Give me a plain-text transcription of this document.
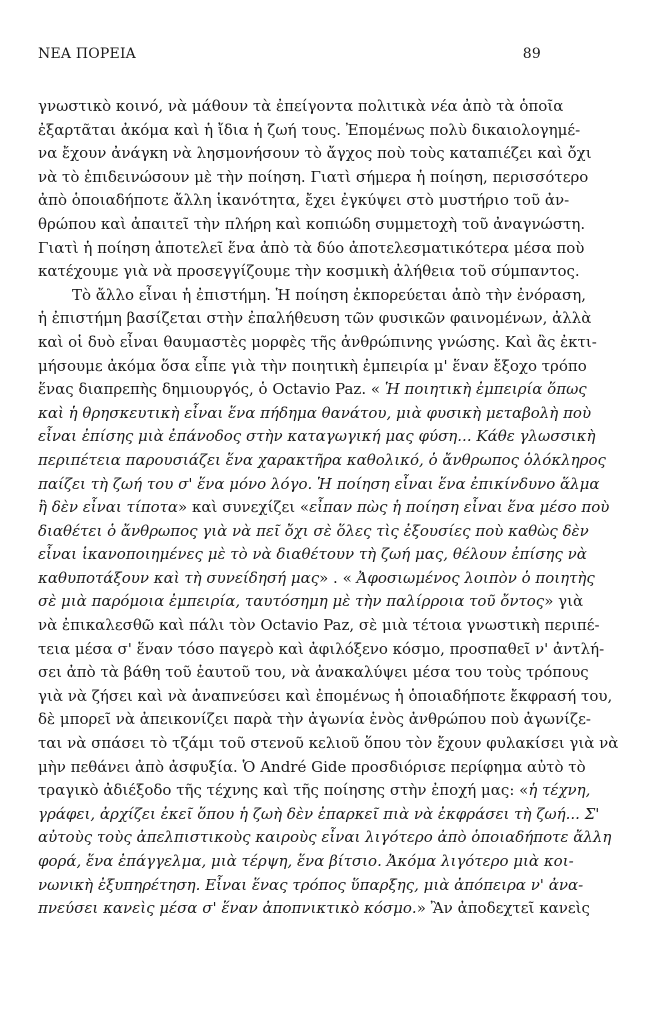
ΝΕΑ ΠΟΡΕΙΑ	89
γνωστικὸ κοινό, νὰ μάθουν τὰ ἐπείγοντα πολιτικὰ νέα ἀπὸ τὰ ὁποῖα
ἐξαρτᾶται ἀκόμα καὶ ἡ ἴδια ἡ ζωή τους. Ἐπομένως πολὺ δικαιολογημέ-
να ἔχουν ἀνάγκη νὰ λησμονήσουν τὸ ἄγχος ποὺ τοὺς καταπιέζει καὶ ὄχι
νὰ τὸ ἐπιδεινώσουν μὲ τὴν ποίηση. Γιατὶ σήμερα ἡ ποίηση, περισσότερο
ἀπὸ ὁποιαδήποτε ἄλλη ἱκανότητα, ἔχει ἐγκύψει στὸ μυστήριο τοῦ ἀν-
θρώπου καὶ ἀπαιτεῖ τὴν πλήρη καὶ κοπιώδη συμμετοχὴ τοῦ ἀναγνώστη.
Γιατὶ ἡ ποίηση ἀποτελεῖ ἕνα ἀπὸ τὰ δύο ἀποτελεσματικότερα μέσα ποὺ
κατέχουμε γιὰ νὰ προσεγγίζουμε τὴν κοσμικὴ ἀλήθεια τοῦ σύμπαντος.
Τὸ ἄλλο εἶναι ἡ ἐπιστήμη. Ἡ ποίηση ἐκπορεύεται ἀπὸ τὴν ἐνόραση,
ἡ ἐπιστήμη βασίζεται στὴν ἐπαλήθευση τῶν φυσικῶν φαινομένων, ἀλλὰ
καὶ οἱ δυὸ εἶναι θαυμαστὲς μορφὲς τῆς ἀνθρώπινης γνώσης. Καὶ ἂς ἐκτι-
μήσουμε ἀκόμα ὅσα εἶπε γιὰ τὴν ποιητικὴ ἐμπειρία μ' ἕναν ἔξοχο τρόπο
ἕνας διαπρεπὴς δημιουργός, ὁ Octavio Paz. « Ἡ ποιητικὴ ἐμπειρία ὅπως
καὶ ἡ θρησκευτικὴ εἶναι ἕνα πήδημα θανάτου, μιὰ φυσικὴ μεταβολὴ ποὺ
εἶναι ἐπίσης μιὰ ἐπάνοδος στὴν καταγωγική μας φύση... Κάθε γλωσσικὴ
περιπέτεια παρουσιάζει ἕνα χαρακτῆρα καθολικό, ὁ ἄνθρωπος ὁλόκληρος
παίζει τὴ ζωή του σ' ἕνα μόνο λόγο. Ἡ ποίηση εἶναι ἕνα ἐπικίνδυνο ἅλμα
ἢ δὲν εἶναι τίποτα» καὶ συνεχίζει «εἶπαν πὼς ἡ ποίηση εἶναι ἕνα μέσο ποὺ
διαθέτει ὁ ἄνθρωπος γιὰ νὰ πεῖ ὄχι σὲ ὅλες τὶς ἐξουσίες ποὺ καθὼς δὲν
εἶναι ἱκανοποιημένες μὲ τὸ νὰ διαθέτουν τὴ ζωή μας, θέλουν ἐπίσης νὰ
καθυποτάξουν καὶ τὴ συνείδησή μας» . « Ἀφοσιωμένος λοιπὸν ὁ ποιητὴς
σὲ μιὰ παρόμοια ἐμπειρία, ταυτόσημη μὲ τὴν παλίρροια τοῦ ὄντος» γιὰ
νὰ ἐπικαλεσθῶ καὶ πάλι τὸν Octavio Paz, σὲ μιὰ τέτοια γνωστικὴ περιπέ-
τεια μέσα σ' ἕναν τόσο παγερὸ καὶ ἀφιλόξενο κόσμο, προσπαθεῖ ν' ἀντλή-
σει ἀπὸ τὰ βάθη τοῦ ἑαυτοῦ του, νὰ ἀνακαλύψει μέσα του τοὺς τρόπους
γιὰ νὰ ζήσει καὶ νὰ ἀναπνεύσει καὶ ἐπομένως ἡ ὁποιαδήποτε ἔκφρασή του,
δὲ μπορεῖ νὰ ἀπεικονίζει παρὰ τὴν ἀγωνία ἑνὸς ἀνθρώπου ποὺ ἀγωνίζε-
ται νὰ σπάσει τὸ τζάμι τοῦ στενοῦ κελιοῦ ὅπου τὸν ἔχουν φυλακίσει γιὰ νὰ
μὴν πεθάνει ἀπὸ ἀσφυξία. Ὁ André Gide προσδιόρισε περίφημα αὐτὸ τὸ
τραγικὸ ἀδιέξοδο τῆς τέχνης καὶ τῆς ποίησης στὴν ἐποχή μας: «ἡ τέχνη,
γράφει, ἀρχίζει ἐκεῖ ὅπου ἡ ζωὴ δὲν ἐπαρκεῖ πιὰ νὰ ἐκφράσει τὴ ζωή... Σ'
αὐτοὺς τοὺς ἀπελπιστικοὺς καιροὺς εἶναι λιγότερο ἀπὸ ὁποιαδήποτε ἄλλη
φορά, ἕνα ἐπάγγελμα, μιὰ τέρψη, ἕνα βίτσιο. Ἀκόμα λιγότερο μιὰ κοι-
νωνικὴ ἐξυπηρέτηση. Εἶναι ἕνας τρόπος ὕπαρξης, μιὰ ἀπόπειρα ν' ἀνα-
πνεύσει κανεὶς μέσα σ' ἕναν ἀποπνικτικὸ κόσμο.» Ἂν ἀποδεχτεῖ κανεὶς
